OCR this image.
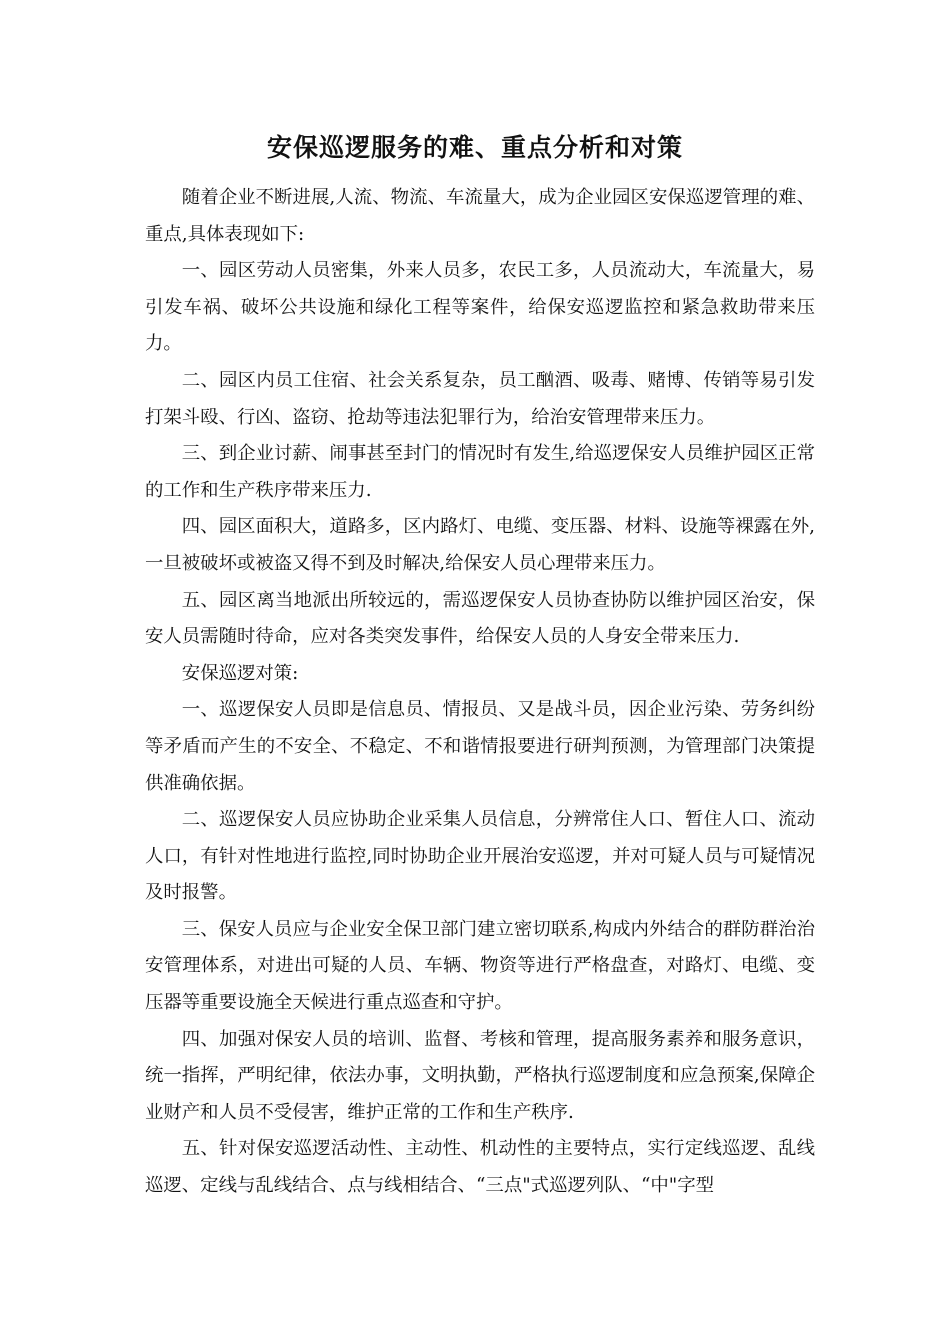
安保巡逻服务的难、重点分析和对策

随着企业不断进展,人流、物流、车流量大，成为企业园区安保巡逻管理的难、重点,具体表现如下:

一、园区劳动人员密集，外来人员多，农民工多，人员流动大，车流量大，易引发车祸、破坏公共设施和绿化工程等案件，给保安巡逻监控和紧急救助带来压力。

二、园区内员工住宿、社会关系复杂，员工酗酒、吸毒、赌博、传销等易引发打架斗殴、行凶、盗窃、抢劫等违法犯罪行为，给治安管理带来压力。

三、到企业讨薪、闹事甚至封门的情况时有发生,给巡逻保安人员维护园区正常的工作和生产秩序带来压力.

四、园区面积大，道路多，区内路灯、电缆、变压器、材料、设施等裸露在外,一旦被破坏或被盗又得不到及时解决,给保安人员心理带来压力。

五、园区离当地派出所较远的，需巡逻保安人员协查协防以维护园区治安，保安人员需随时待命，应对各类突发事件，给保安人员的人身安全带来压力.

安保巡逻对策:

一、巡逻保安人员即是信息员、情报员、又是战斗员，因企业污染、劳务纠纷等矛盾而产生的不安全、不稳定、不和谐情报要进行研判预测，为管理部门决策提供准确依据。

二、巡逻保安人员应协助企业采集人员信息，分辨常住人口、暂住人口、流动人口，有针对性地进行监控,同时协助企业开展治安巡逻，并对可疑人员与可疑情况及时报警。

三、保安人员应与企业安全保卫部门建立密切联系,构成内外结合的群防群治治安管理体系，对进出可疑的人员、车辆、物资等进行严格盘查，对路灯、电缆、变压器等重要设施全天候进行重点巡查和守护。

四、加强对保安人员的培训、监督、考核和管理，提高服务素养和服务意识，统一指挥，严明纪律，依法办事，文明执勤，严格执行巡逻制度和应急预案,保障企业财产和人员不受侵害，维护正常的工作和生产秩序.

五、针对保安巡逻活动性、主动性、机动性的主要特点，实行定线巡逻、乱线巡逻、定线与乱线结合、点与线相结合、“三点"式巡逻列队、“中"字型
